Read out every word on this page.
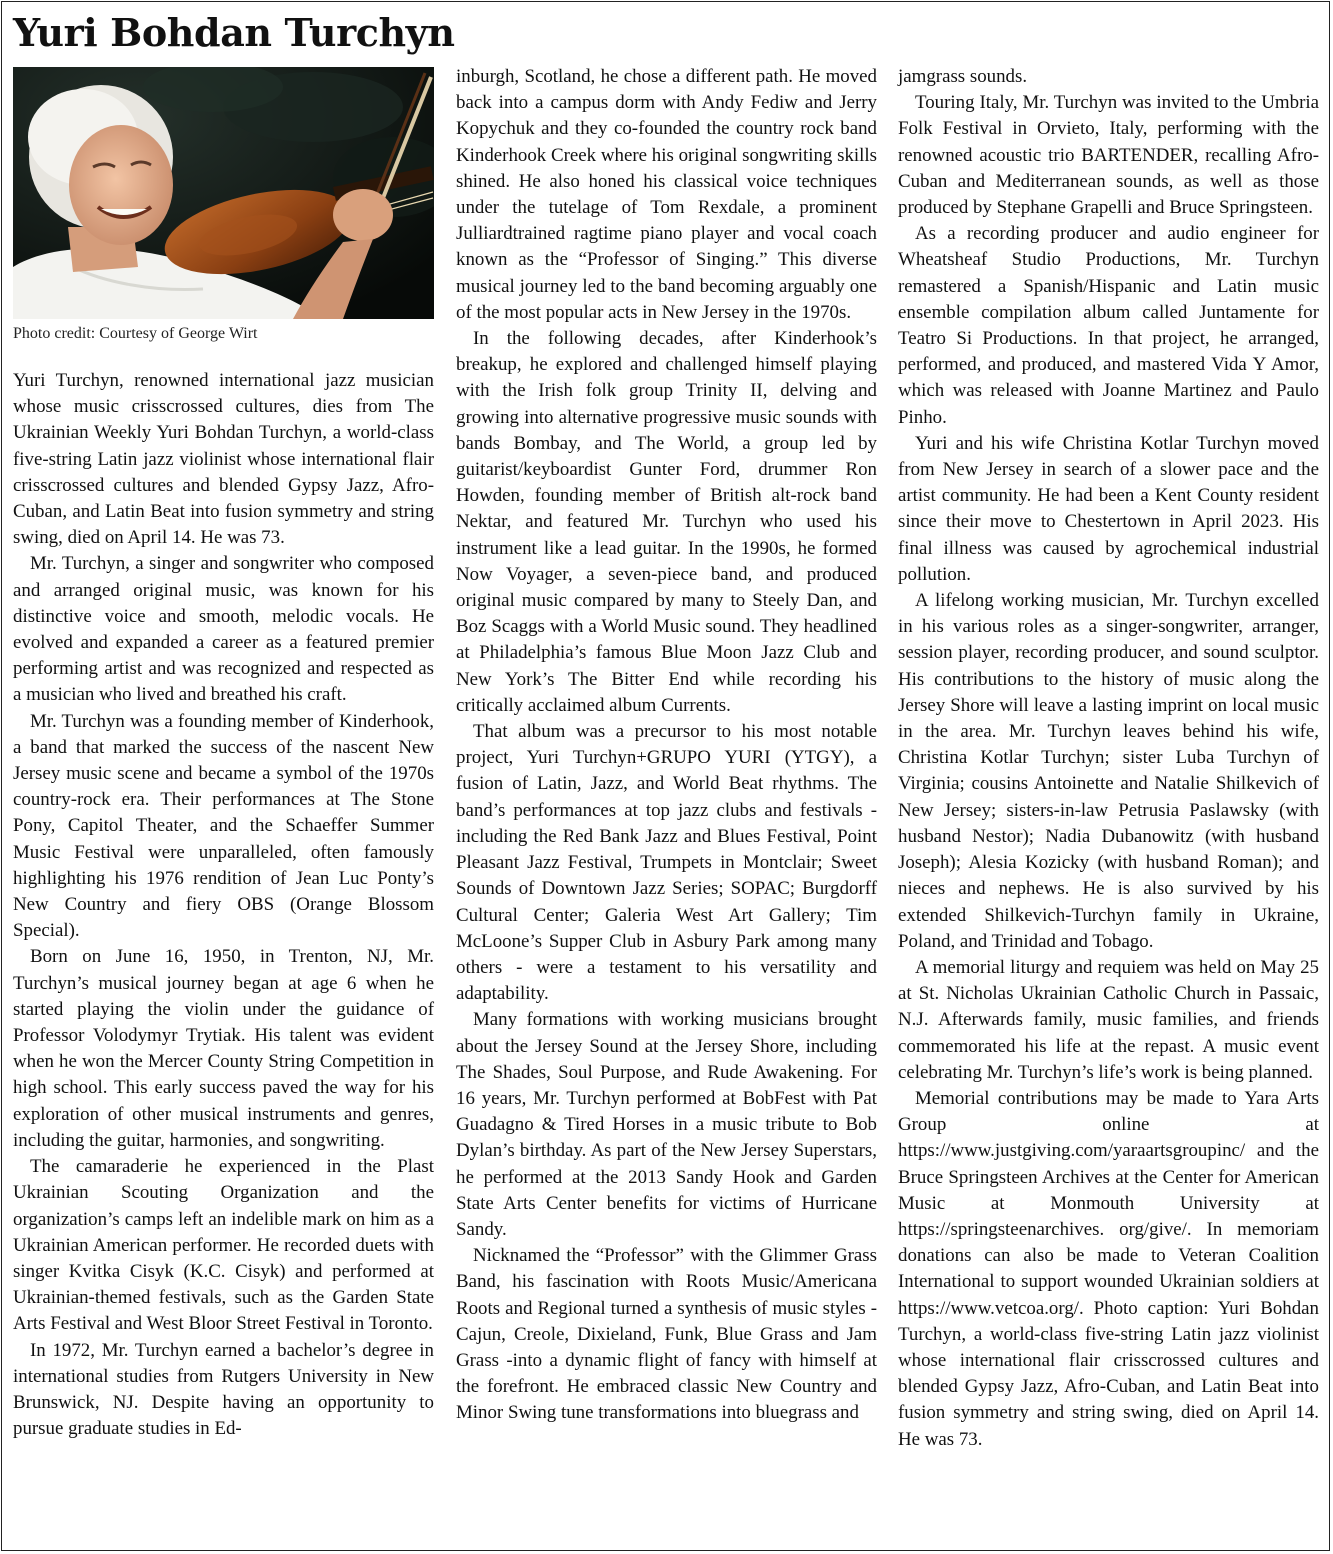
Yuri Bohdan Turchyn
Photo credit: Courtesy of George Wirt

Yuri Turchyn, renowned international jazz musician whose music crisscrossed cultures, dies from The Ukrainian Weekly Yuri Bohdan Turchyn, a world-class five-string Latin jazz violinist whose international flair crisscrossed cultures and blended Gypsy Jazz, Afro-Cuban, and Latin Beat into fusion symmetry and string swing, died on April 14. He was 73.

Mr. Turchyn, a singer and songwriter who composed and arranged original music, was known for his distinctive voice and smooth, melodic vocals. He evolved and expanded a career as a featured premier performing artist and was recognized and respected as a musician who lived and breathed his craft.

Mr. Turchyn was a founding member of Kinderhook, a band that marked the success of the nascent New Jersey music scene and became a symbol of the 1970s country-rock era. Their performances at The Stone Pony, Capitol Theater, and the Schaeffer Summer Music Festival were unparalleled, often famously highlighting his 1976 rendition of Jean Luc Ponty’s New Country and fiery OBS (Orange Blossom Special).

Born on June 16, 1950, in Trenton, NJ, Mr. Turchyn’s musical journey began at age 6 when he started playing the violin under the guidance of Professor Volodymyr Trytiak. His talent was evident when he won the Mercer County String Competition in high school. This early success paved the way for his exploration of other musical instruments and genres, including the guitar, harmonies, and songwriting.

The camaraderie he experienced in the Plast Ukrainian Scouting Organization and the organization’s camps left an indelible mark on him as a Ukrainian American performer. He recorded duets with singer Kvitka Cisyk (K.C. Cisyk) and performed at Ukrainian-themed festivals, such as the Garden State Arts Festival and West Bloor Street Festival in Toronto.

In 1972, Mr. Turchyn earned a bachelor’s degree in international studies from Rutgers University in New Brunswick, NJ. Despite having an opportunity to pursue graduate studies in Ed-

inburgh, Scotland, he chose a different path. He moved back into a campus dorm with Andy Fediw and Jerry Kopychuk and they co-founded the country rock band Kinderhook Creek where his original songwriting skills shined. He also honed his classical voice techniques under the tutelage of Tom Rexdale, a prominent Julliardtrained ragtime piano player and vocal coach known as the “Professor of Singing.” This diverse musical journey led to the band becoming arguably one of the most popular acts in New Jersey in the 1970s.

In the following decades, after Kinderhook’s breakup, he explored and challenged himself playing with the Irish folk group Trinity II, delving and growing into alternative progressive music sounds with bands Bombay, and The World, a group led by guitarist/keyboardist Gunter Ford, drummer Ron Howden, founding member of British alt-rock band Nektar, and featured Mr. Turchyn who used his instrument like a lead guitar. In the 1990s, he formed Now Voyager, a seven-piece band, and produced original music compared by many to Steely Dan, and Boz Scaggs with a World Music sound. They headlined at Philadelphia’s famous Blue Moon Jazz Club and New York’s The Bitter End while recording his critically acclaimed album Currents.

That album was a precursor to his most notable project, Yuri Turchyn+GRUPO YURI (YTGY), a fusion of Latin, Jazz, and World Beat rhythms. The band’s performances at top jazz clubs and festivals - including the Red Bank Jazz and Blues Festival, Point Pleasant Jazz Festival, Trumpets in Montclair; Sweet Sounds of Downtown Jazz Series; SOPAC; Burgdorff Cultural Center; Galeria West Art Gallery; Tim McLoone’s Supper Club in Asbury Park among many others - were a testament to his versatility and adaptability.

Many formations with working musicians brought about the Jersey Sound at the Jersey Shore, including The Shades, Soul Purpose, and Rude Awakening. For 16 years, Mr. Turchyn performed at BobFest with Pat Guadagno & Tired Horses in a music tribute to Bob Dylan’s birthday. As part of the New Jersey Superstars, he performed at the 2013 Sandy Hook and Garden State Arts Center benefits for victims of Hurricane Sandy.

Nicknamed the “Professor” with the Glimmer Grass Band, his fascination with Roots Music/Americana Roots and Regional turned a synthesis of music styles - Cajun, Creole, Dixieland, Funk, Blue Grass and Jam Grass -into a dynamic flight of fancy with himself at the forefront. He embraced classic New Country and Minor Swing tune transformations into bluegrass and

jamgrass sounds.

Touring Italy, Mr. Turchyn was invited to the Umbria Folk Festival in Orvieto, Italy, performing with the renowned acoustic trio BARTENDER, recalling Afro-Cuban and Mediterranean sounds, as well as those produced by Stephane Grapelli and Bruce Springsteen.

As a recording producer and audio engineer for Wheatsheaf Studio Productions, Mr. Turchyn remastered a Spanish/Hispanic and Latin music ensemble compilation album called Juntamente for Teatro Si Productions. In that project, he arranged, performed, and produced, and mastered Vida Y Amor, which was released with Joanne Martinez and Paulo Pinho.

Yuri and his wife Christina Kotlar Turchyn moved from New Jersey in search of a slower pace and the artist community. He had been a Kent County resident since their move to Chestertown in April 2023. His final illness was caused by agrochemical industrial pollution.

A lifelong working musician, Mr. Turchyn excelled in his various roles as a singer-songwriter, arranger, session player, recording producer, and sound sculptor. His contributions to the history of music along the Jersey Shore will leave a lasting imprint on local music in the area. Mr. Turchyn leaves behind his wife, Christina Kotlar Turchyn; sister Luba Turchyn of Virginia; cousins Antoinette and Natalie Shilkevich of New Jersey; sisters-in-law Petrusia Paslawsky (with husband Nestor); Nadia Dubanowitz (with husband Joseph); Alesia Kozicky (with husband Roman); and nieces and nephews. He is also survived by his extended Shilkevich-Turchyn family in Ukraine, Poland, and Trinidad and Tobago.

A memorial liturgy and requiem was held on May 25 at St. Nicholas Ukrainian Catholic Church in Passaic, N.J. Afterwards family, music families, and friends commemorated his life at the repast. A music event celebrating Mr. Turchyn’s life’s work is being planned.

Memorial contributions may be made to Yara Arts Group online at https://www.justgiving.com/yaraartsgroupinc/ and the Bruce Springsteen Archives at the Center for American Music at Monmouth University at https://springsteenarchives. org/give/. In memoriam donations can also be made to Veteran Coalition International to support wounded Ukrainian soldiers at https://www.vetcoa.org/. Photo caption: Yuri Bohdan Turchyn, a world-class five-string Latin jazz violinist whose international flair crisscrossed cultures and blended Gypsy Jazz, Afro-Cuban, and Latin Beat into fusion symmetry and string swing, died on April 14. He was 73.
